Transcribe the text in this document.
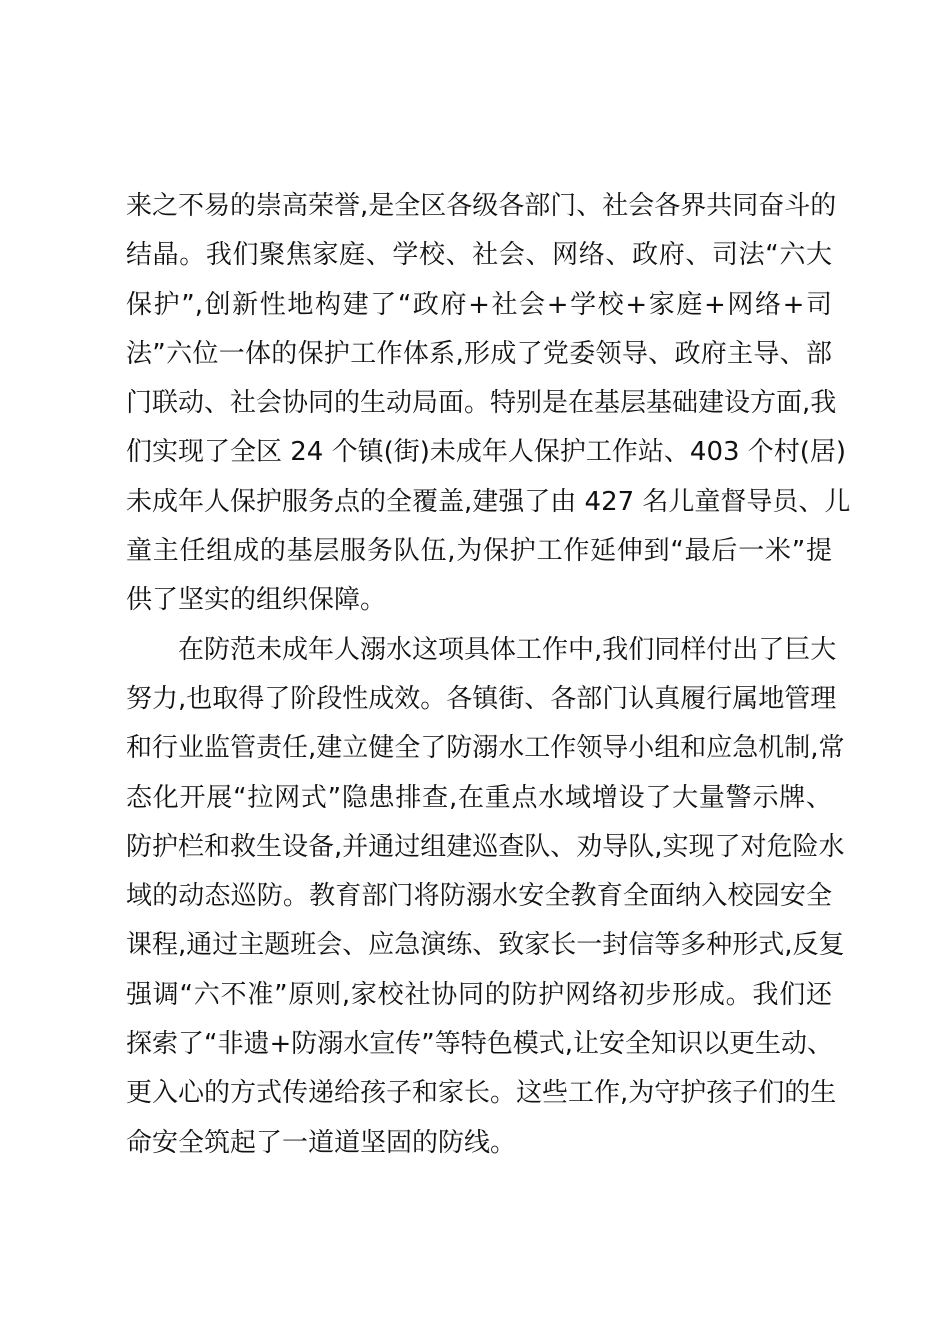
来之不易的崇高荣誉,是全区各级各部门、社会各界共同奋斗的
结晶。我们聚焦家庭、学校、社会、网络、政府、司法“六大
保护”,创新性地构建了“政府+社会+学校+家庭+网络+司
法”六位一体的保护工作体系,形成了党委领导、政府主导、部
门联动、社会协同的生动局面。特别是在基层基础建设方面,我
们实现了全区 24 个镇(街)未成年人保护工作站、403 个村(居)
未成年人保护服务点的全覆盖,建强了由 427 名儿童督导员、儿
童主任组成的基层服务队伍,为保护工作延伸到“最后一米”提
供了坚实的组织保障。
在防范未成年人溺水这项具体工作中,我们同样付出了巨大
努力,也取得了阶段性成效。各镇街、各部门认真履行属地管理
和行业监管责任,建立健全了防溺水工作领导小组和应急机制,常
态化开展“拉网式”隐患排查,在重点水域增设了大量警示牌、
防护栏和救生设备,并通过组建巡查队、劝导队,实现了对危险水
域的动态巡防。教育部门将防溺水安全教育全面纳入校园安全
课程,通过主题班会、应急演练、致家长一封信等多种形式,反复
强调“六不准”原则,家校社协同的防护网络初步形成。我们还
探索了“非遗+防溺水宣传”等特色模式,让安全知识以更生动、
更入心的方式传递给孩子和家长。这些工作,为守护孩子们的生
命安全筑起了一道道坚固的防线。
